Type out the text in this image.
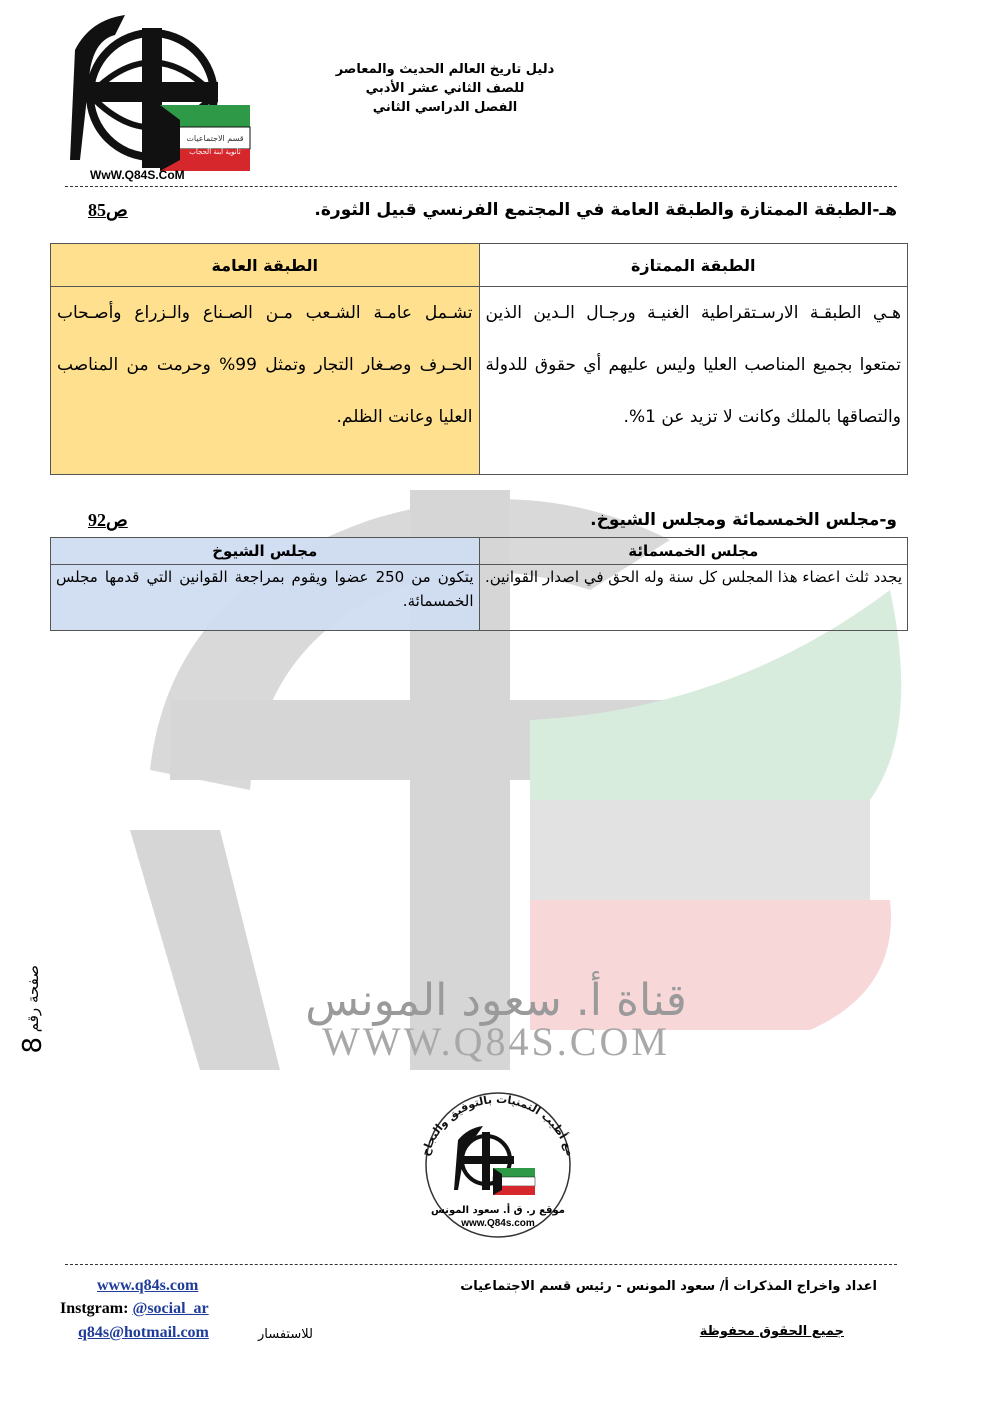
قناة أ. سعود المونس
WWW.Q84S.COM
قسم الاجتماعيات
ثانوية ابنة الحجاب
WwW.Q84S.CoM
دليل تاريخ العالم الحديث والمعاصر
للصف الثاني عشر الأدبي
الفصل الدراسي الثاني
هـ-الطبقة الممتازة والطبقة العامة في المجتمع الفرنسي قبيل الثورة.
ص85
الطبقة الممتازة	الطبقة العامة
هـي الطبقـة الارسـتقراطية الغنيـة ورجـال الـدين الذين تمتعوا بجميع المناصب العليا وليس عليهم أي حقوق للدولة والتصاقها بالملك وكانت لا تزيد عن 1%.	تشـمل عامـة الشـعب مـن الصـناع والـزراع وأصـحاب الحـرف وصـغار التجار وتمثل 99% وحرمت من المناصب العليا وعانت الظلم.
و-مجلس الخمسمائة ومجلس الشيوخ.
ص92
مجلس الخمسمائة	مجلس الشيوخ
يجدد ثلث اعضاء هذا المجلس كل سنة وله الحق في اصدار القوانين.	يتكون من 250 عضوا ويقوم بمراجعة القوانين التي قدمها مجلس الخمسمائة.
صفحة رقم 8
مع أطيب التمنيات بالتوفيق والنجاح
موقع ر. ق أ. سعود المونس
www.Q84s.com
www.q84s.com
Instgram: @social_ar
q84s@hotmail.com	للاستفسار
اعداد واخراج المذكرات أ/ سعود المونس - رئيس قسم الاجتماعيات
جميع الحقوق محفوظة
